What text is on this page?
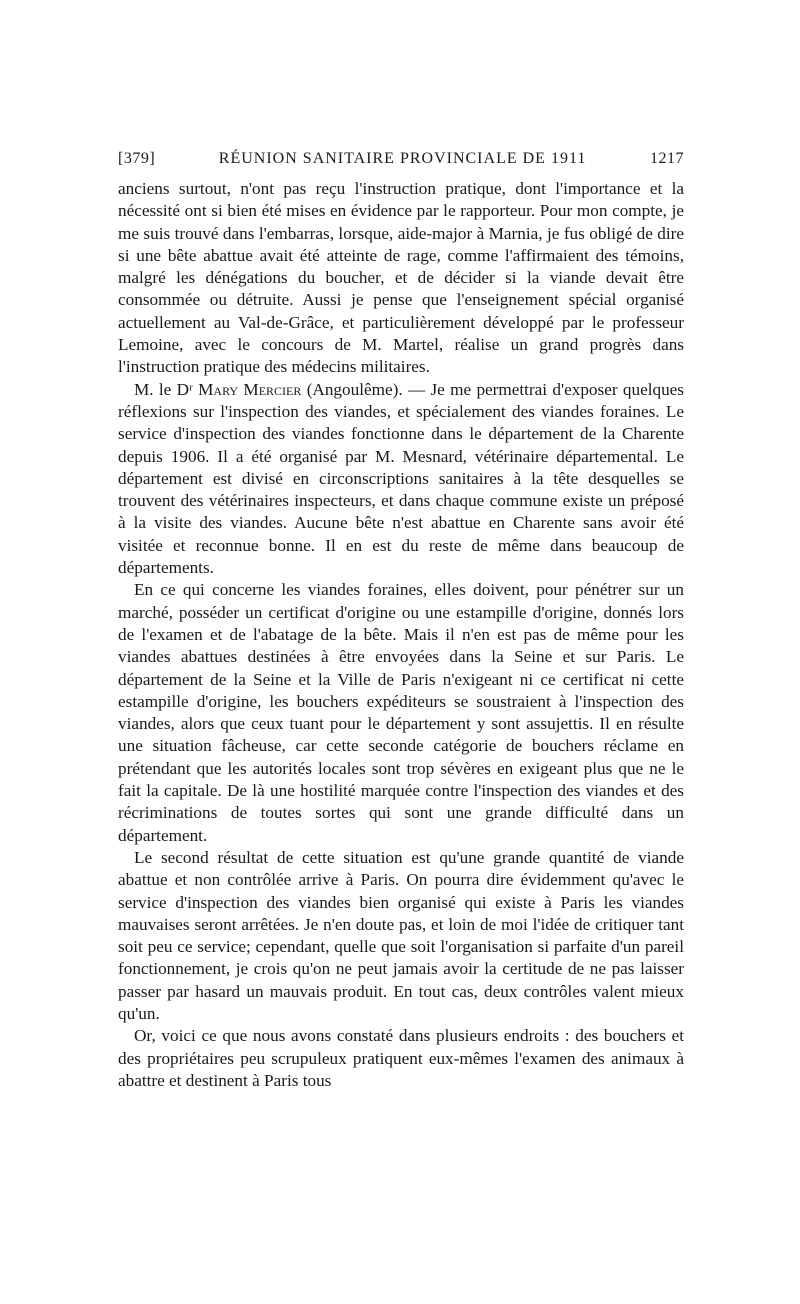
[379]	RÉUNION SANITAIRE PROVINCIALE DE 1911	1217

anciens surtout, n'ont pas reçu l'instruction pratique, dont l'importance et la nécessité ont si bien été mises en évidence par le rapporteur. Pour mon compte, je me suis trouvé dans l'embarras, lorsque, aide-major à Marnia, je fus obligé de dire si une bête abattue avait été atteinte de rage, comme l'affirmaient des témoins, malgré les dénégations du boucher, et de décider si la viande devait être consommée ou détruite. Aussi je pense que l'enseignement spécial organisé actuellement au Val-de-Grâce, et particulièrement développé par le professeur Lemoine, avec le concours de M. Martel, réalise un grand progrès dans l'instruction pratique des médecins militaires.

M. le Dʳ Mary Mercier (Angoulême). — Je me permettrai d'exposer quelques réflexions sur l'inspection des viandes, et spécialement des viandes foraines. Le service d'inspection des viandes fonctionne dans le département de la Charente depuis 1906. Il a été organisé par M. Mesnard, vétérinaire départemental. Le département est divisé en circonscriptions sanitaires à la tête desquelles se trouvent des vétérinaires inspecteurs, et dans chaque commune existe un préposé à la visite des viandes. Aucune bête n'est abattue en Charente sans avoir été visitée et reconnue bonne. Il en est du reste de même dans beaucoup de départements.

En ce qui concerne les viandes foraines, elles doivent, pour pénétrer sur un marché, posséder un certificat d'origine ou une estampille d'origine, donnés lors de l'examen et de l'abatage de la bête. Mais il n'en est pas de même pour les viandes abattues destinées à être envoyées dans la Seine et sur Paris. Le département de la Seine et la Ville de Paris n'exigeant ni ce certificat ni cette estampille d'origine, les bouchers expéditeurs se soustraient à l'inspection des viandes, alors que ceux tuant pour le département y sont assujettis. Il en résulte une situation fâcheuse, car cette seconde catégorie de bouchers réclame en prétendant que les autorités locales sont trop sévères en exigeant plus que ne le fait la capitale. De là une hostilité marquée contre l'inspection des viandes et des récriminations de toutes sortes qui sont une grande difficulté dans un département.

Le second résultat de cette situation est qu'une grande quantité de viande abattue et non contrôlée arrive à Paris. On pourra dire évidemment qu'avec le service d'inspection des viandes bien organisé qui existe à Paris les viandes mauvaises seront arrêtées. Je n'en doute pas, et loin de moi l'idée de critiquer tant soit peu ce service; cependant, quelle que soit l'organisation si parfaite d'un pareil fonctionnement, je crois qu'on ne peut jamais avoir la certitude de ne pas laisser passer par hasard un mauvais produit. En tout cas, deux contrôles valent mieux qu'un.

Or, voici ce que nous avons constaté dans plusieurs endroits : des bouchers et des propriétaires peu scrupuleux pratiquent eux-mêmes l'examen des animaux à abattre et destinent à Paris tous
